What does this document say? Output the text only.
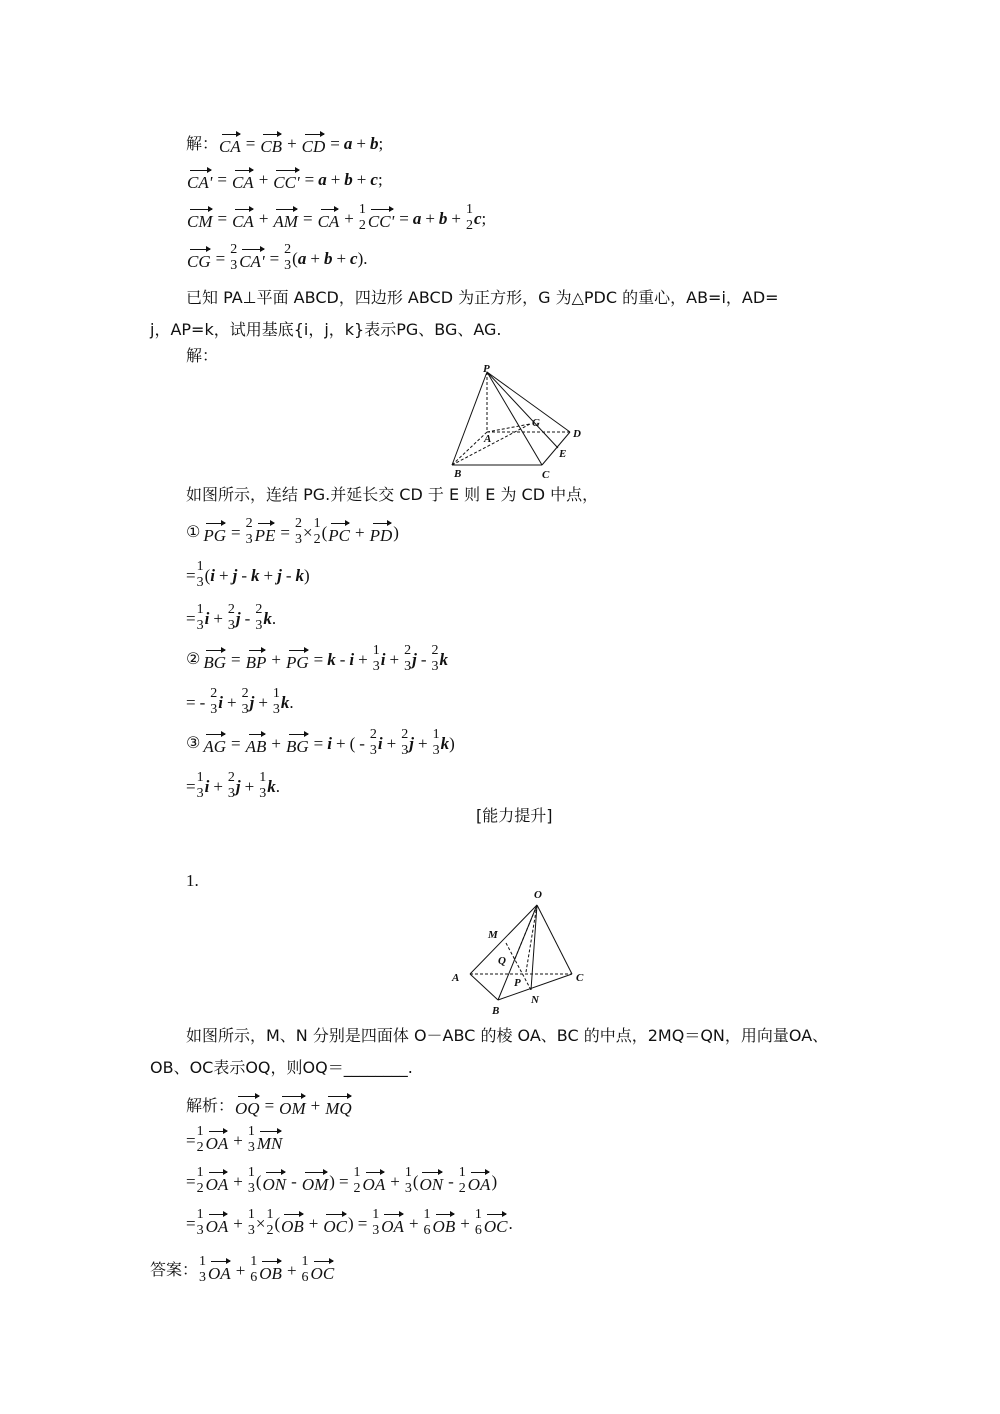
解： CA = CB + CD = a + b ;
CA' = CA + CC' = a + b + c ;
CM = CA + AM = CA + 1
2 CC' = a + b + 1
2 c ;
CG = 2
3 CA' = 2
3 ( a + b + c ).
已知 PA⊥平面 ABCD，四边形 ABCD 为正方形，G 为△PDC 的重心，AB=i，AD=
j，AP=k，试用基底{i，j，k}表示PG、BG、AG.
解：
P
A
B	C
D
E
G
如图所示，连结 PG.并延长交 CD 于 E 则 E 为 CD 中点，
① PG = 2
3 PE = 2
3 × 1
2 ( PC + PD )
= 1
3 ( i + j - k + j - k )
= 1
3 i + 2
3 j - 2
3 k .
② BG = BP + PG = k - i + 1
3 i + 2
3 j - 2
3 k
= - 2
3 i + 2
3 j + 1
3 k .
③ AG = AB + BG = i + ( - 2
3 i + 2
3 j + 1
3 k )
= 1
3 i + 2
3 j + 1
3 k .
[能力提升]
1.
O
M
Q
A	P
N
B
C
如图所示，M、N 分别是四面体 O－ABC 的棱 OA、BC 的中点，2MQ＝QN，用向量OA、
OB、OC表示OQ，则OQ＝________.
解析： OQ = OM + MQ
= 1
2 OA + 1
3 MN
= 1
2 OA + 1
3 ( ON - OM ) = 1
2 OA + 1
3 ( ON - 1
2 OA )
= 1
3 OA + 1
3 × 1
2 ( OB + OC ) = 1
3 OA + 1
6 OB + 1
6 OC .
答案： 1
3 OA + 1
6 OB + 1
6 OC
